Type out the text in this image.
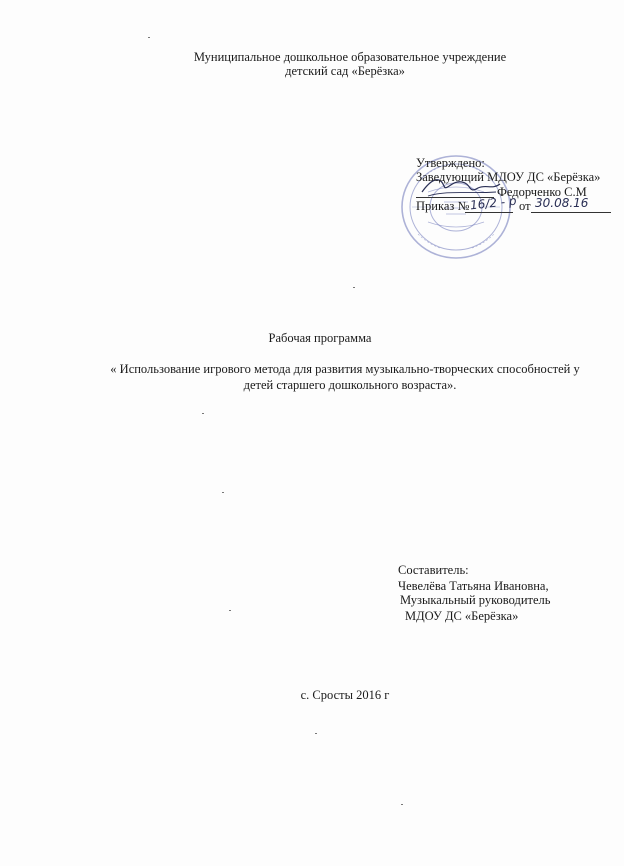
Муниципальное дошкольное образовательное учреждение
детский сад «Берёзка»
Утверждено:
Заведующий МДОУ ДС «Берёзка»
Федорченко С.М
Приказ № 16/2 - р от 30.08.16
Рабочая программа
« Использование игрового метода для развития музыкально-творческих способностей у
детей старшего дошкольного возраста».
Составитель:
Чевелёва Татьяна Ивановна,
Музыкальный руководитель
МДОУ ДС «Берёзка»
с. Сросты 2016 г
